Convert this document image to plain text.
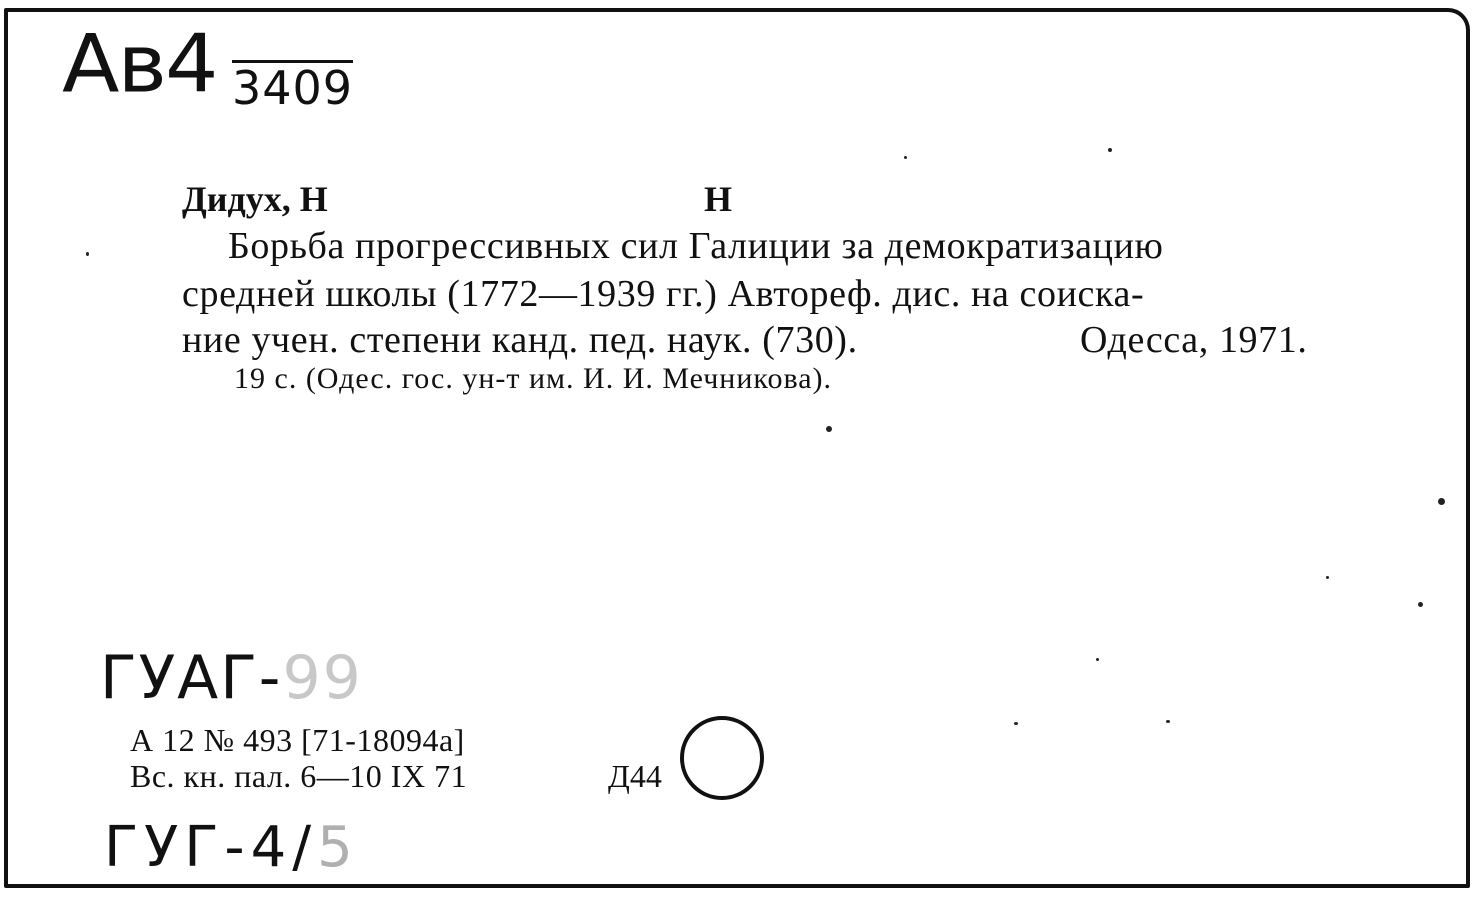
Ав4 3409
Дидух, Н	Н
Борьба прогрессивных сил Галиции за демократизацию
средней школы (1772—1939 гг.) Автореф. дис. на соиска-
ние учен. степени канд. пед. наук. (730).	Одесса, 1971.
19 с. (Одес. гос. ун-т им. И. И. Мечникова).
ГУАГ-99
А 12 № 493 [71-18094а]
Вс. кн. пал. 6—10 IX 71	Д44
ГУГ-4/5
